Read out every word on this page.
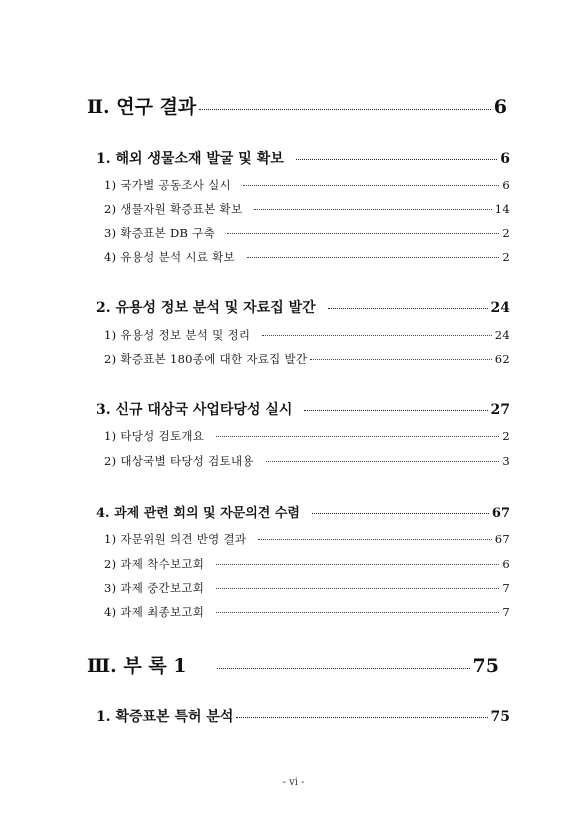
Ⅱ. 연구 결과	6
1. 해외 생물소재 발굴 및 확보	6
1) 국가별 공동조사 실시	6
2) 생물자원 확증표본 확보	14
3) 확증표본 DB 구축	2
4) 유용성 분석 시료 확보	2
2. 유용성 정보 분석 및 자료집 발간	24
1) 유용성 정보 분석 및 정리	24
2) 확증표본 180종에 대한 자료집 발간	62
3. 신규 대상국 사업타당성 실시	27
1) 타당성 검토개요	2
2) 대상국별 타당성 검토내용	3
4. 과제 관련 회의 및 자문의견 수렴	67
1) 자문위원 의견 반영 결과	67
2) 과제 착수보고회	6
3) 과제 중간보고회	7
4) 과제 최종보고회	7
Ⅲ. 부 록 1	75
1. 확증표본 특허 분석	75
- vi -
